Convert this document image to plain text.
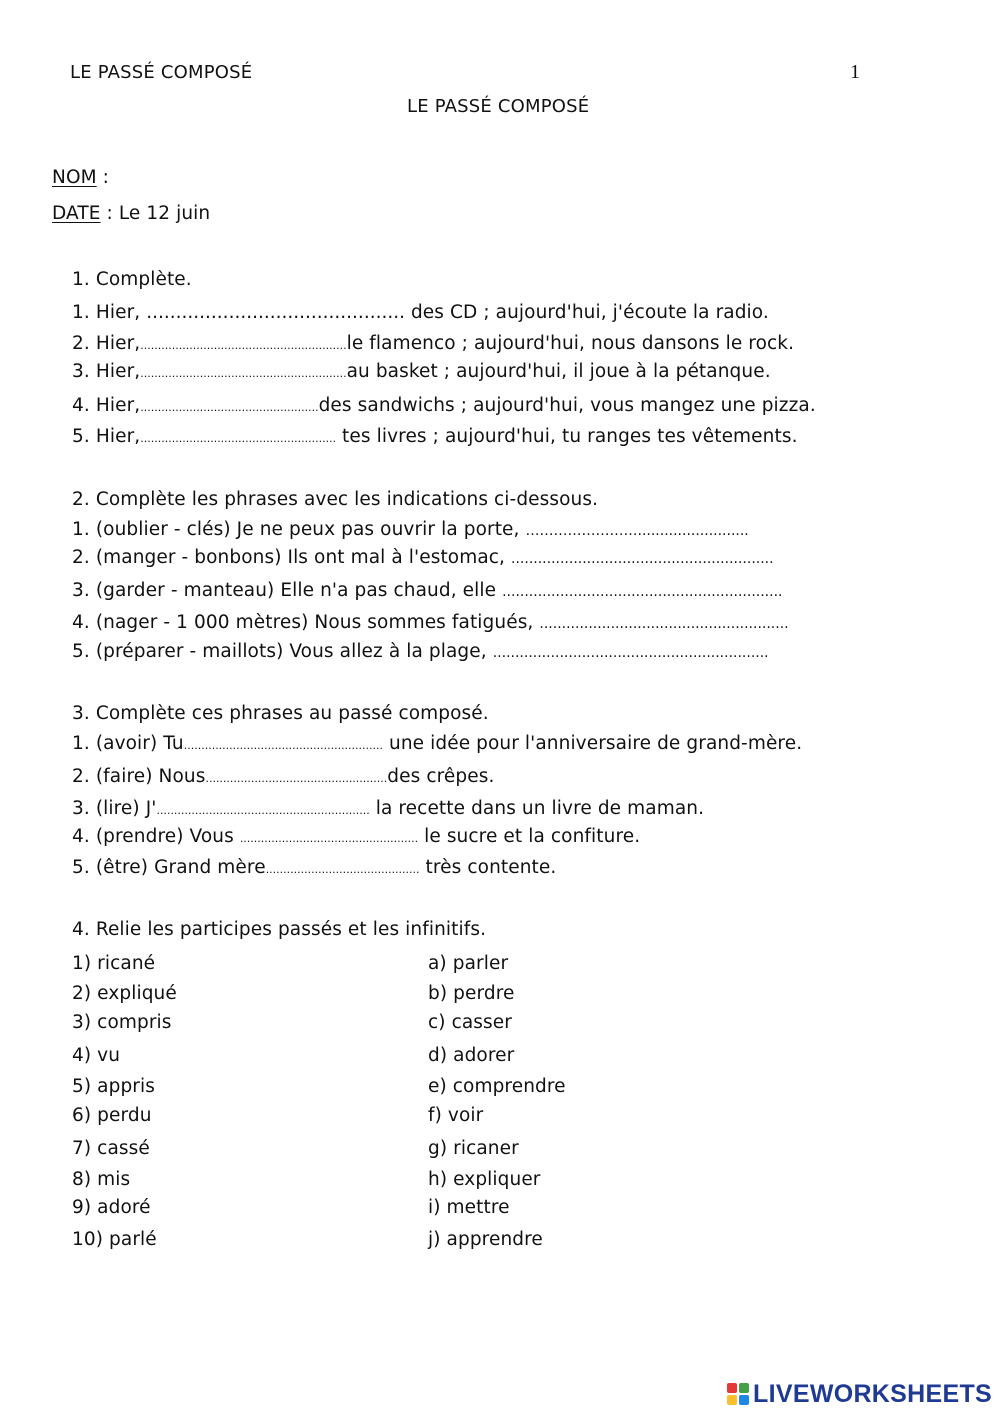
LE PASSÉ COMPOSÉ	1
LE PASSÉ COMPOSÉ
NOM :
DATE : Le 12 juin
1. Complète.
1. Hier, ............................................ des CD ; aujourd'hui, j'écoute la radio.
2. Hier,...........................................................le flamenco ; aujourd'hui, nous dansons le rock.
3. Hier,...........................................................au basket ; aujourd'hui, il joue à la pétanque.
4. Hier,...................................................des sandwichs ; aujourd'hui, vous mangez une pizza.
5. Hier,........................................................ tes livres ; aujourd'hui, tu ranges tes vêtements.
2. Complète les phrases avec les indications ci-dessous.
1. (oublier - clés) Je ne peux pas ouvrir la porte, …………………….........................
2. (manger - bonbons) Ils ont mal à l'estomac, ...........................................................
3. (garder - manteau) Elle n'a pas chaud, elle ...............................................................
4. (nager - 1 000 mètres) Nous sommes fatigués, ........................................................
5. (préparer - maillots) Vous allez à la plage, ..............................................................
3. Complète ces phrases au passé composé.
1. (avoir) Tu......................................................... une idée pour l'anniversaire de grand-mère.
2. (faire) Nous....................................................des crêpes.
3. (lire) J'............................................................. la recette dans un livre de maman.
4. (prendre) Vous ................................................... le sucre et la confiture.
5. (être) Grand mère............................................ très contente.
4. Relie les participes passés et les infinitifs.
1) ricané
2) expliqué
3) compris
4) vu
5) appris
6) perdu
7) cassé
8) mis
9) adoré
10) parlé
a) parler
b) perdre
c) casser
d) adorer
e) comprendre
f) voir
g) ricaner
h) expliquer
i) mettre
j) apprendre
LIVEWORKSHEETS
